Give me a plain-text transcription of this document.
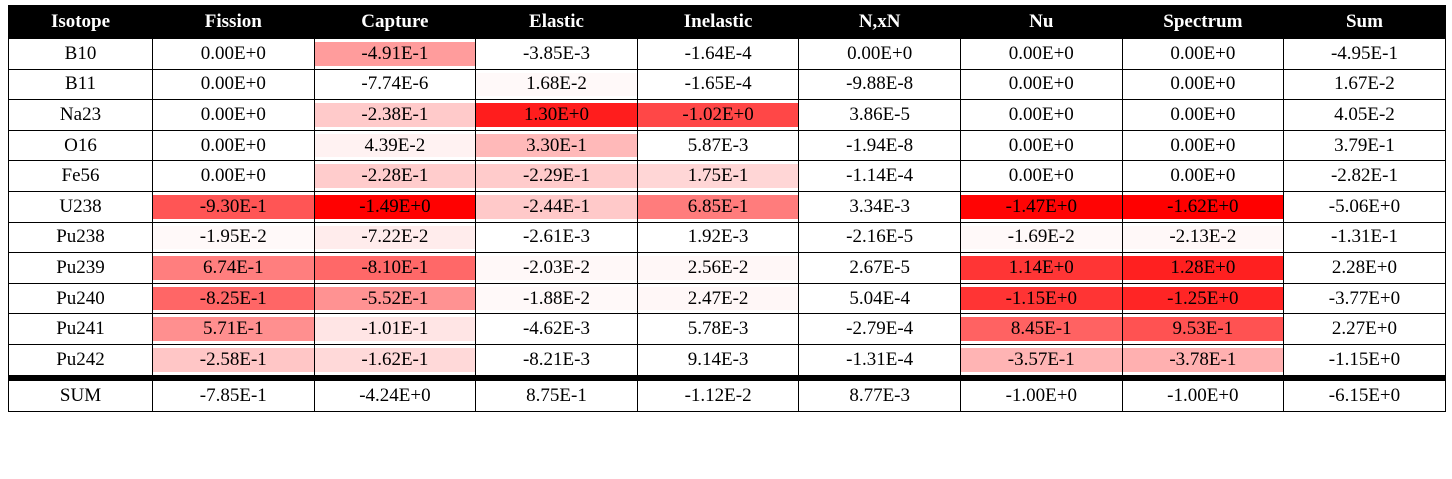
Isotope	Fission	Capture	Elastic	Inelastic	N,xN	Nu	Spectrum	Sum
B10	0.00E+0	-4.91E-1	-3.85E-3	-1.64E-4	0.00E+0	0.00E+0	0.00E+0	-4.95E-1
B11	0.00E+0	-7.74E-6	1.68E-2	-1.65E-4	-9.88E-8	0.00E+0	0.00E+0	1.67E-2
Na23	0.00E+0	-2.38E-1	1.30E+0	-1.02E+0	3.86E-5	0.00E+0	0.00E+0	4.05E-2
O16	0.00E+0	4.39E-2	3.30E-1	5.87E-3	-1.94E-8	0.00E+0	0.00E+0	3.79E-1
Fe56	0.00E+0	-2.28E-1	-2.29E-1	1.75E-1	-1.14E-4	0.00E+0	0.00E+0	-2.82E-1
U238	-9.30E-1	-1.49E+0	-2.44E-1	6.85E-1	3.34E-3	-1.47E+0	-1.62E+0	-5.06E+0
Pu238	-1.95E-2	-7.22E-2	-2.61E-3	1.92E-3	-2.16E-5	-1.69E-2	-2.13E-2	-1.31E-1
Pu239	6.74E-1	-8.10E-1	-2.03E-2	2.56E-2	2.67E-5	1.14E+0	1.28E+0	2.28E+0
Pu240	-8.25E-1	-5.52E-1	-1.88E-2	2.47E-2	5.04E-4	-1.15E+0	-1.25E+0	-3.77E+0
Pu241	5.71E-1	-1.01E-1	-4.62E-3	5.78E-3	-2.79E-4	8.45E-1	9.53E-1	2.27E+0
Pu242	-2.58E-1	-1.62E-1	-8.21E-3	9.14E-3	-1.31E-4	-3.57E-1	-3.78E-1	-1.15E+0
SUM	-7.85E-1	-4.24E+0	8.75E-1	-1.12E-2	8.77E-3	-1.00E+0	-1.00E+0	-6.15E+0
